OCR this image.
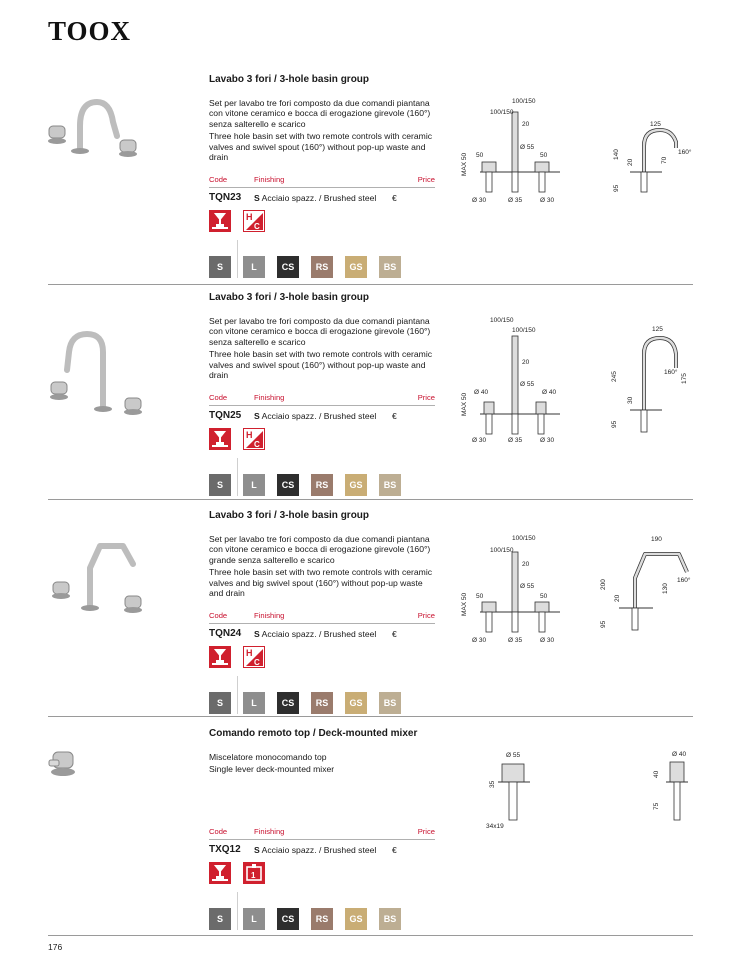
TOOX
176
Lavabo 3 fori / 3-hole basin group

Set per lavabo tre fori composto da due comandi piantana con vitone ceramico e bocca di erogazione girevole (160°) senza salterello e scarico

Three hole basin set with two remote controls with ceramic valves and swivel spout (160°) without pop-up waste and drain

Code	Finishing	Price
TQN23 S Acciaio spazz. / Brushed steel €
H
C
S	L	CS	RS	GS	BS
100/150
100/150
20
Ø 55
50	50
MAX 50
Ø 30	Ø 35	Ø 30
125
140
20
95
70
160°
Lavabo 3 fori / 3-hole basin group

Set per lavabo tre fori composto da due comandi piantana con vitone ceramico e bocca di erogazione girevole (160°) senza salterello e scarico

Three hole basin set with two remote controls with ceramic valves and swivel spout (160°) without pop-up waste and drain

Code	Finishing	Price
TQN25 S Acciaio spazz. / Brushed steel €
H
C
S	L	CS	RS	GS	BS
100/150
100/150
20
Ø 55
Ø 40	Ø 40
MAX 50
Ø 30	Ø 35	Ø 30
125
245
30
95
175
160°
Lavabo 3 fori / 3-hole basin group

Set per lavabo tre fori composto da due comandi piantana con vitone ceramico e bocca di erogazione girevole (160°) grande senza salterello e scarico

Three hole basin set with two remote controls with ceramic valves and big swivel spout (160°) without pop-up waste and drain

Code	Finishing	Price
TQN24 S Acciaio spazz. / Brushed steel €
H
C
S	L	CS	RS	GS	BS
100/150
100/150
20
Ø 55
50	50
MAX 50
Ø 30	Ø 35	Ø 30
190
200
20
95
130
160°
Comando remoto top / Deck-mounted mixer

Miscelatore monocomando top

Single lever deck-mounted mixer

Code	Finishing	Price
TXQ12 S Acciaio spazz. / Brushed steel €
1
S	L	CS	RS	GS	BS
Ø 55
35
34x19
Ø 40
40
75
